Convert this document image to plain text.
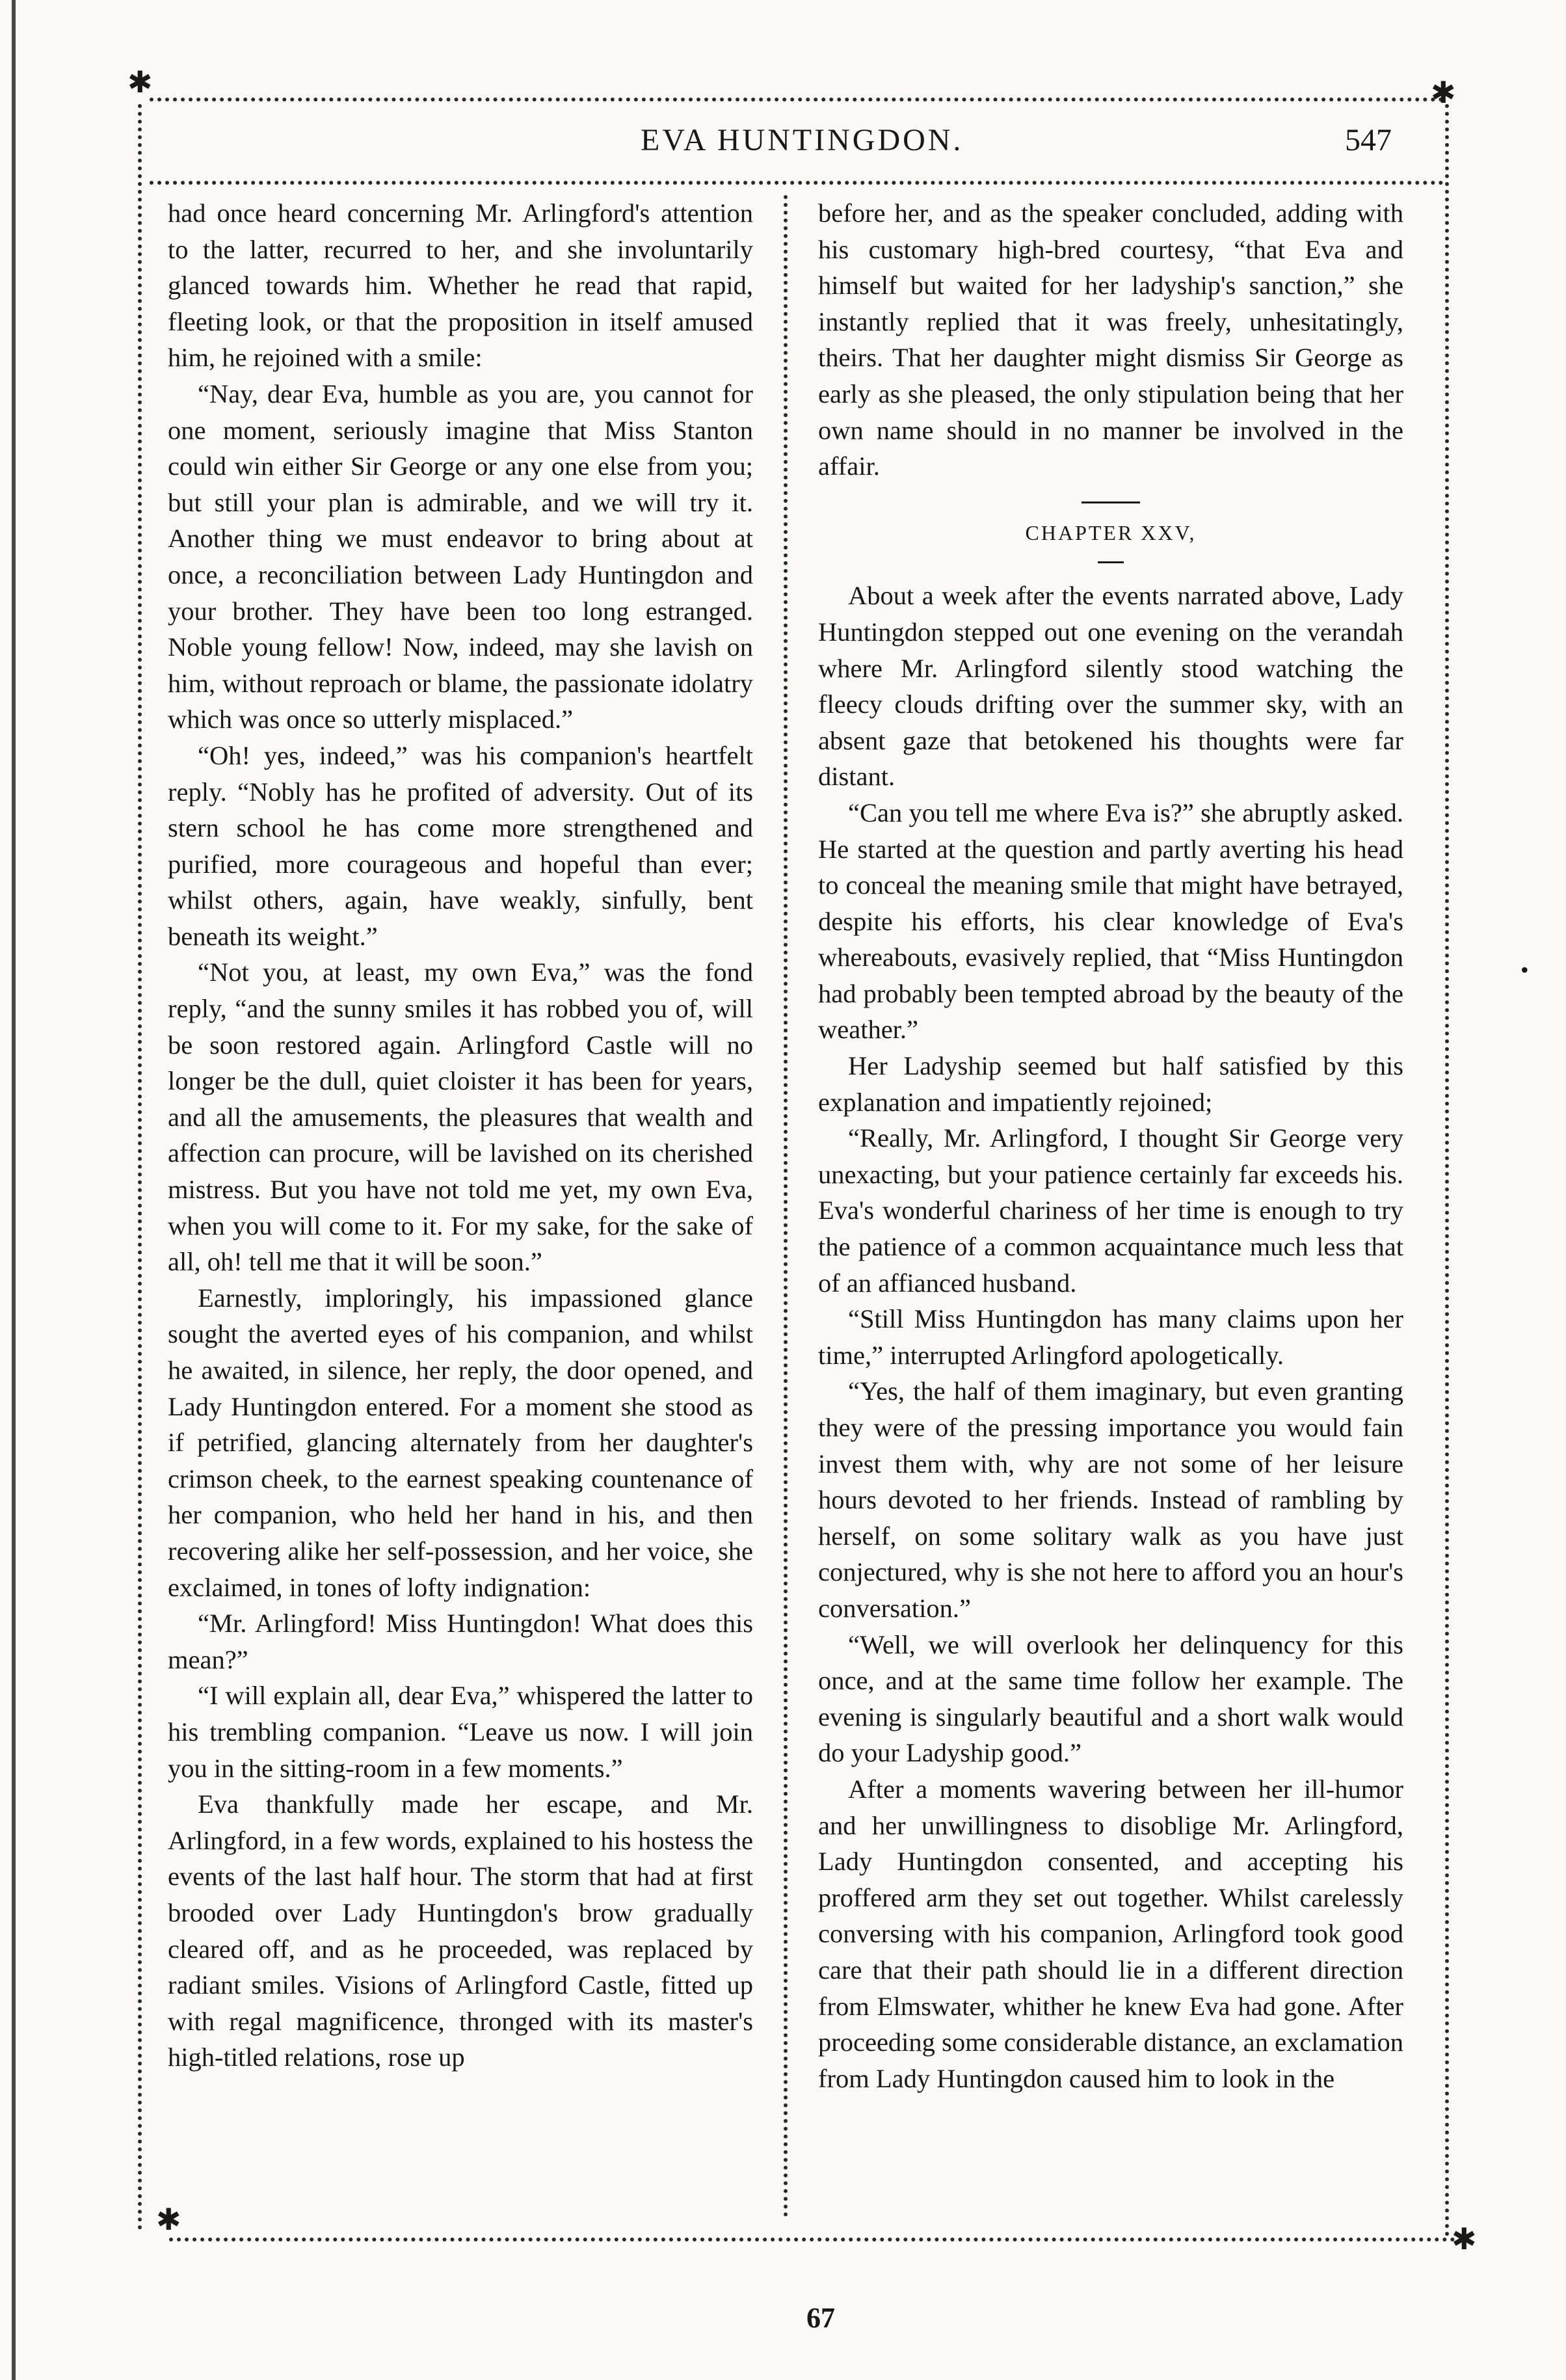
✱	✱
✱
✱
EVA HUNTINGDON.	547

had once heard concerning Mr. Arlingford's attention to the latter, recurred to her, and she involuntarily glanced towards him. Whether he read that rapid, fleeting look, or that the proposition in itself amused him, he rejoined with a smile:

“Nay, dear Eva, humble as you are, you cannot for one moment, seriously imagine that Miss Stanton could win either Sir George or any one else from you; but still your plan is admirable, and we will try it. Another thing we must endeavor to bring about at once, a reconciliation between Lady Huntingdon and your brother. They have been too long estranged. Noble young fellow! Now, indeed, may she lavish on him, without reproach or blame, the passionate idolatry which was once so utterly misplaced.”

“Oh! yes, indeed,” was his companion's heartfelt reply. “Nobly has he profited of adversity. Out of its stern school he has come more strengthened and purified, more courageous and hopeful than ever; whilst others, again, have weakly, sinfully, bent beneath its weight.”

“Not you, at least, my own Eva,” was the fond reply, “and the sunny smiles it has robbed you of, will be soon restored again. Arlingford Castle will no longer be the dull, quiet cloister it has been for years, and all the amusements, the pleasures that wealth and affection can procure, will be lavished on its cherished mistress. But you have not told me yet, my own Eva, when you will come to it. For my sake, for the sake of all, oh! tell me that it will be soon.”

Earnestly, imploringly, his impassioned glance sought the averted eyes of his companion, and whilst he awaited, in silence, her reply, the door opened, and Lady Huntingdon entered. For a moment she stood as if petrified, glancing alternately from her daughter's crimson cheek, to the earnest speaking countenance of her companion, who held her hand in his, and then recovering alike her self-possession, and her voice, she exclaimed, in tones of lofty indignation:

“Mr. Arlingford! Miss Huntingdon! What does this mean?”

“I will explain all, dear Eva,” whispered the latter to his trembling companion. “Leave us now. I will join you in the sitting-room in a few moments.”

Eva thankfully made her escape, and Mr. Arlingford, in a few words, explained to his hostess the events of the last half hour. The storm that had at first brooded over Lady Huntingdon's brow gradually cleared off, and as he proceeded, was replaced by radiant smiles. Visions of Arlingford Castle, fitted up with regal magnificence, thronged with its master's high-titled relations, rose up

before her, and as the speaker concluded, adding with his customary high-bred courtesy, “that Eva and himself but waited for her ladyship's sanction,” she instantly replied that it was freely, unhesitatingly, theirs. That her daughter might dismiss Sir George as early as she pleased, the only stipulation being that her own name should in no manner be involved in the affair.

CHAPTER XXV,

About a week after the events narrated above, Lady Huntingdon stepped out one evening on the verandah where Mr. Arlingford silently stood watching the fleecy clouds drifting over the summer sky, with an absent gaze that betokened his thoughts were far distant.

“Can you tell me where Eva is?” she abruptly asked. He started at the question and partly averting his head to conceal the meaning smile that might have betrayed, despite his efforts, his clear knowledge of Eva's whereabouts, evasively replied, that “Miss Huntingdon had probably been tempted abroad by the beauty of the weather.”

Her Ladyship seemed but half satisfied by this explanation and impatiently rejoined;

“Really, Mr. Arlingford, I thought Sir George very unexacting, but your patience certainly far exceeds his. Eva's wonderful chariness of her time is enough to try the patience of a common acquaintance much less that of an affianced husband.

“Still Miss Huntingdon has many claims upon her time,” interrupted Arlingford apologetically.

“Yes, the half of them imaginary, but even granting they were of the pressing importance you would fain invest them with, why are not some of her leisure hours devoted to her friends. Instead of rambling by herself, on some solitary walk as you have just conjectured, why is she not here to afford you an hour's conversation.”

“Well, we will overlook her delinquency for this once, and at the same time follow her example. The evening is singularly beautiful and a short walk would do your Ladyship good.”

After a moments wavering between her ill-humor and her unwillingness to disoblige Mr. Arlingford, Lady Huntingdon consented, and accepting his proffered arm they set out together. Whilst carelessly conversing with his companion, Arlingford took good care that their path should lie in a different direction from Elmswater, whither he knew Eva had gone. After proceeding some considerable distance, an exclamation from Lady Huntingdon caused him to look in the

•
67
